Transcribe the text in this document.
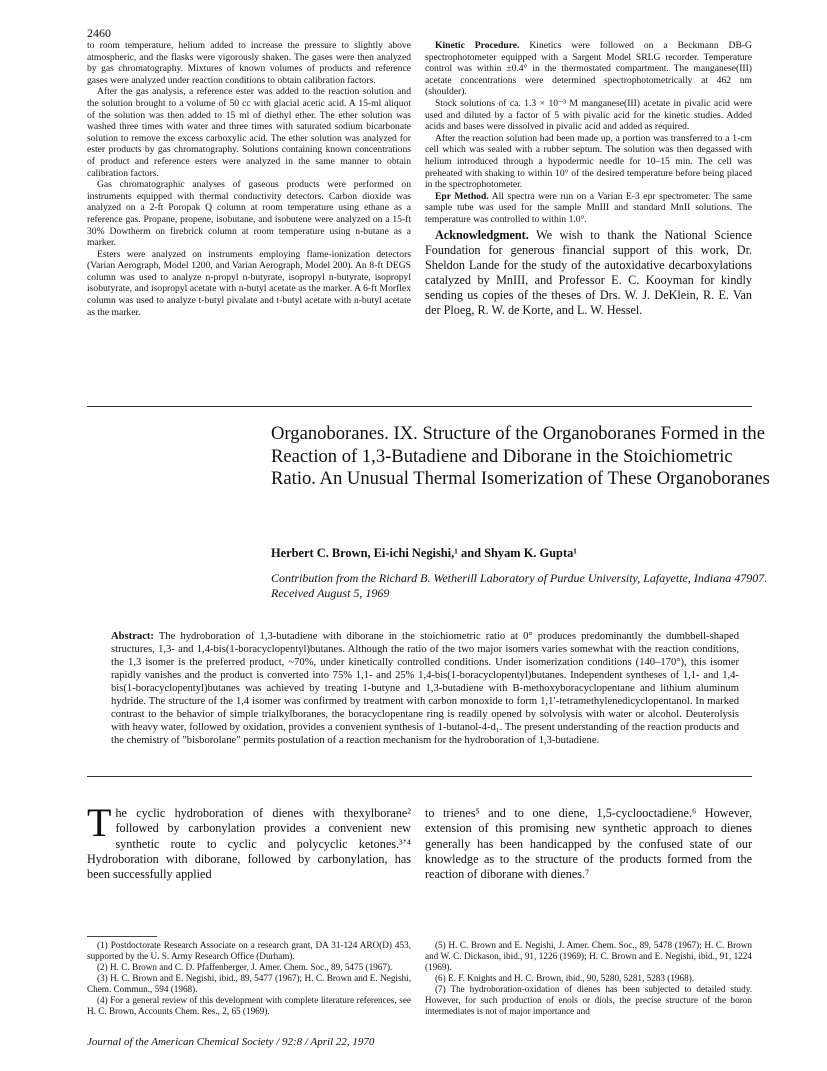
2460

to room temperature, helium added to increase the pressure to slightly above atmospheric, and the flasks were vigorously shaken. The gases were then analyzed by gas chromatography. Mixtures of known volumes of products and reference gases were analyzed under reaction conditions to obtain calibration factors.

After the gas analysis, a reference ester was added to the reaction solution and the solution brought to a volume of 50 cc with glacial acetic acid. A 15-ml aliquot of the solution was then added to 15 ml of diethyl ether. The ether solution was washed three times with water and three times with saturated sodium bicarbonate solution to remove the excess carboxylic acid. The ether solution was analyzed for ester products by gas chromatography. Solutions containing known concentrations of product and reference esters were analyzed in the same manner to obtain calibration factors.

Gas chromatographic analyses of gaseous products were performed on instruments equipped with thermal conductivity detectors. Carbon dioxide was analyzed on a 2-ft Poropak Q column at room temperature using ethane as a reference gas. Propane, propene, isobutane, and isobutene were analyzed on a 15-ft 30% Dowtherm on firebrick column at room temperature using n-butane as a marker.

Esters were analyzed on instruments employing flame-ionization detectors (Varian Aerograph, Model 1200, and Varian Aerograph, Model 200). An 8-ft DEGS column was used to analyze n-propyl n-butyrate, isopropyl n-butyrate, isopropyl isobutyrate, and isopropyl acetate with n-butyl acetate as the marker. A 6-ft Morflex column was used to analyze t-butyl pivalate and t-butyl acetate with n-butyl acetate as the marker.

Kinetic Procedure. Kinetics were followed on a Beckmann DB-G spectrophotometer equipped with a Sargent Model SRLG recorder. Temperature control was within ±0.4° in the thermostated compartment. The manganese(III) acetate concentrations were determined spectrophotometrically at 462 nm (shoulder).

Stock solutions of ca. 1.3 × 10⁻³ M manganese(III) acetate in pivalic acid were used and diluted by a factor of 5 with pivalic acid for the kinetic studies. Added acids and bases were dissolved in pivalic acid and added as required.

After the reaction solution had been made up, a portion was transferred to a 1-cm cell which was sealed with a rubber septum. The solution was then degassed with helium introduced through a hypodermic needle for 10–15 min. The cell was preheated with shaking to within 10° of the desired temperature before being placed in the spectrophotometer.

Epr Method. All spectra were run on a Varian E-3 epr spectrometer. The same sample tube was used for the sample MnIII and standard MnII solutions. The temperature was controlled to within 1.0°.

Acknowledgment. We wish to thank the National Science Foundation for generous financial support of this work, Dr. Sheldon Lande for the study of the autoxidative decarboxylations catalyzed by MnIII, and Professor E. C. Kooyman for kindly sending us copies of the theses of Drs. W. J. DeKlein, R. E. Van der Ploeg, R. W. de Korte, and L. W. Hessel.

Organoboranes. IX. Structure of the Organoboranes Formed in the Reaction of 1,3-Butadiene and Diborane in the Stoichiometric Ratio. An Unusual Thermal Isomerization of These Organoboranes
Herbert C. Brown, Ei-ichi Negishi,¹ and Shyam K. Gupta¹
Contribution from the Richard B. Wetherill Laboratory of Purdue University, Lafayette, Indiana 47907. Received August 5, 1969
Abstract: The hydroboration of 1,3-butadiene with diborane in the stoichiometric ratio at 0° produces predominantly the dumbbell-shaped structures, 1,3- and 1,4-bis(1-boracyclopentyl)butanes. Although the ratio of the two major isomers varies somewhat with the reaction conditions, the 1,3 isomer is the preferred product, ~70%, under kinetically controlled conditions. Under isomerization conditions (140–170°), this isomer rapidly vanishes and the product is converted into 75% 1,1- and 25% 1,4-bis(1-boracyclopentyl)butanes. Independent syntheses of 1,1- and 1,4-bis(1-boracyclopentyl)butanes was achieved by treating 1-butyne and 1,3-butadiene with B-methoxyboracyclopentane and lithium aluminum hydride. The structure of the 1,4 isomer was confirmed by treatment with carbon monoxide to form 1,1′-tetramethylenedicyclopentanol. In marked contrast to the behavior of simple trialkylboranes, the boracyclopentane ring is readily opened by solvolysis with water or alcohol. Deuterolysis with heavy water, followed by oxidation, provides a convenient synthesis of 1-butanol-4-d₁. The present understanding of the reaction products and the chemistry of "bisborolane" permits postulation of a reaction mechanism for the hydroboration of 1,3-butadiene.

The cyclic hydroboration of dienes with thexylborane² followed by carbonylation provides a convenient new synthetic route to cyclic and polycyclic ketones.³ʼ⁴ Hydroboration with diborane, followed by carbonylation, has been successfully applied

to trienes⁵ and to one diene, 1,5-cyclooctadiene.⁶ However, extension of this promising new synthetic approach to dienes generally has been handicapped by the confused state of our knowledge as to the structure of the products formed from the reaction of diborane with dienes.⁷

(1) Postdoctorate Research Associate on a research grant, DA 31-124 ARO(D) 453, supported by the U. S. Army Research Office (Durham).

(2) H. C. Brown and C. D. Pfaffenberger, J. Amer. Chem. Soc., 89, 5475 (1967).

(3) H. C. Brown and E. Negishi, ibid., 89, 5477 (1967); H. C. Brown and E. Negishi, Chem. Commun., 594 (1968).

(4) For a general review of this development with complete literature references, see H. C. Brown, Accounts Chem. Res., 2, 65 (1969).

(5) H. C. Brown and E. Negishi, J. Amer. Chem. Soc., 89, 5478 (1967); H. C. Brown and W. C. Dickason, ibid., 91, 1226 (1969); H. C. Brown and E. Negishi, ibid., 91, 1224 (1969).

(6) E. F. Knights and H. C. Brown, ibid., 90, 5280, 5281, 5283 (1968).

(7) The hydroboration-oxidation of dienes has been subjected to detailed study. However, for such production of enols or diols, the precise structure of the boron intermediates is not of major importance and

Journal of the American Chemical Society / 92:8 / April 22, 1970
